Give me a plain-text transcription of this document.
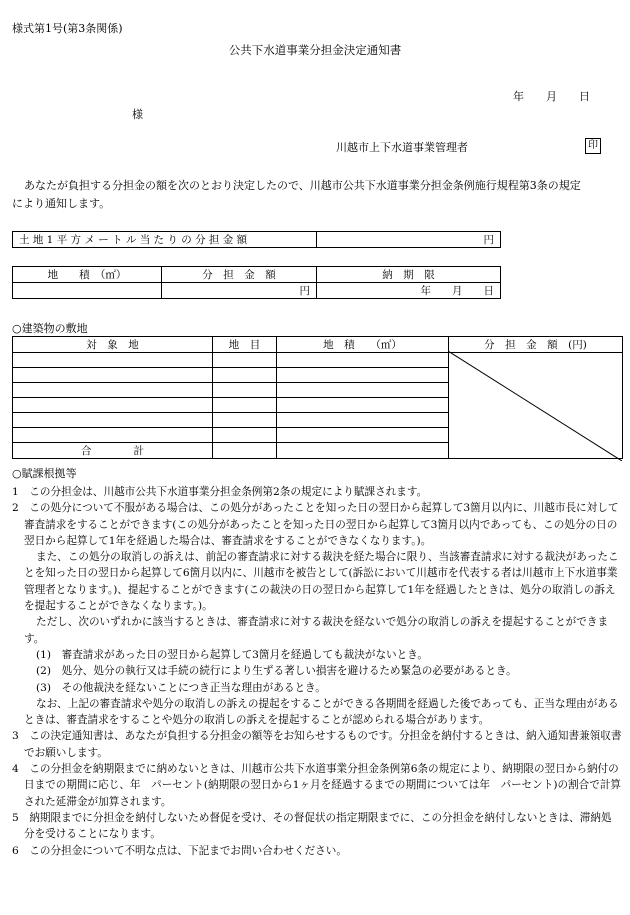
様式第1号(第3条関係)
公共下水道事業分担金決定通知書
年　　月　　日
様
川越市上下水道事業管理者	印
あなたが負担する分担金の額を次のとおり決定したので、川越市公共下水道事業分担金条例施行規程第3条の規定
により通知します。
土 地 1 平 方 メ ー ト ル 当 た り の 分 担 金 額	円
地　　積　（㎡）	分　担　金　額	納　期　限
	円	年　　月　　日
○建築物の敷地
対　象　地	地　目	地　積　　（㎡）	分　担　金　額　(円)

合　　　　計			
○賦課根拠等

1　この分担金は、川越市公共下水道事業分担金条例第2条の規定により賦課されます。

2　この処分について不服がある場合は、この処分があったことを知った日の翌日から起算して3箇月以内に、川越市長に対して審査請求をすることができます(この処分があったことを知った日の翌日から起算して3箇月以内であっても、この処分の日の翌日から起算して1年を経過した場合は、審査請求をすることができなくなります。)。

また、この処分の取消しの訴えは、前記の審査請求に対する裁決を経た場合に限り、当該審査請求に対する裁決があったことを知った日の翌日から起算して6箇月以内に、川越市を被告として(訴訟において川越市を代表する者は川越市上下水道事業管理者となります。)、提起することができます(この裁決の日の翌日から起算して1年を経過したときは、処分の取消しの訴えを提起することができなくなります。)。

ただし、次のいずれかに該当するときは、審査請求に対する裁決を経ないで処分の取消しの訴えを提起することができます。

(1)　審査請求があった日の翌日から起算して3箇月を経過しても裁決がないとき。

(2)　処分、処分の執行又は手続の続行により生ずる著しい損害を避けるため緊急の必要があるとき。

(3)　その他裁決を経ないことにつき正当な理由があるとき。

なお、上記の審査請求や処分の取消しの訴えの提起をすることができる各期間を経過した後であっても、正当な理由があるときは、審査請求をすることや処分の取消しの訴えを提起することが認められる場合があります。

3　この決定通知書は、あなたが負担する分担金の額等をお知らせするものです。分担金を納付するときは、納入通知書兼領収書でお願いします。

4　この分担金を納期限までに納めないときは、川越市公共下水道事業分担金条例第6条の規定により、納期限の翌日から納付の日までの期間に応じ、年　パーセント(納期限の翌日から1ヶ月を経過するまでの期間については年　パーセント)の割合で計算された延滞金が加算されます。

5　納期限までに分担金を納付しないため督促を受け、その督促状の指定期限までに、この分担金を納付しないときは、滞納処分を受けることになります。

6　この分担金について不明な点は、下記までお問い合わせください。
